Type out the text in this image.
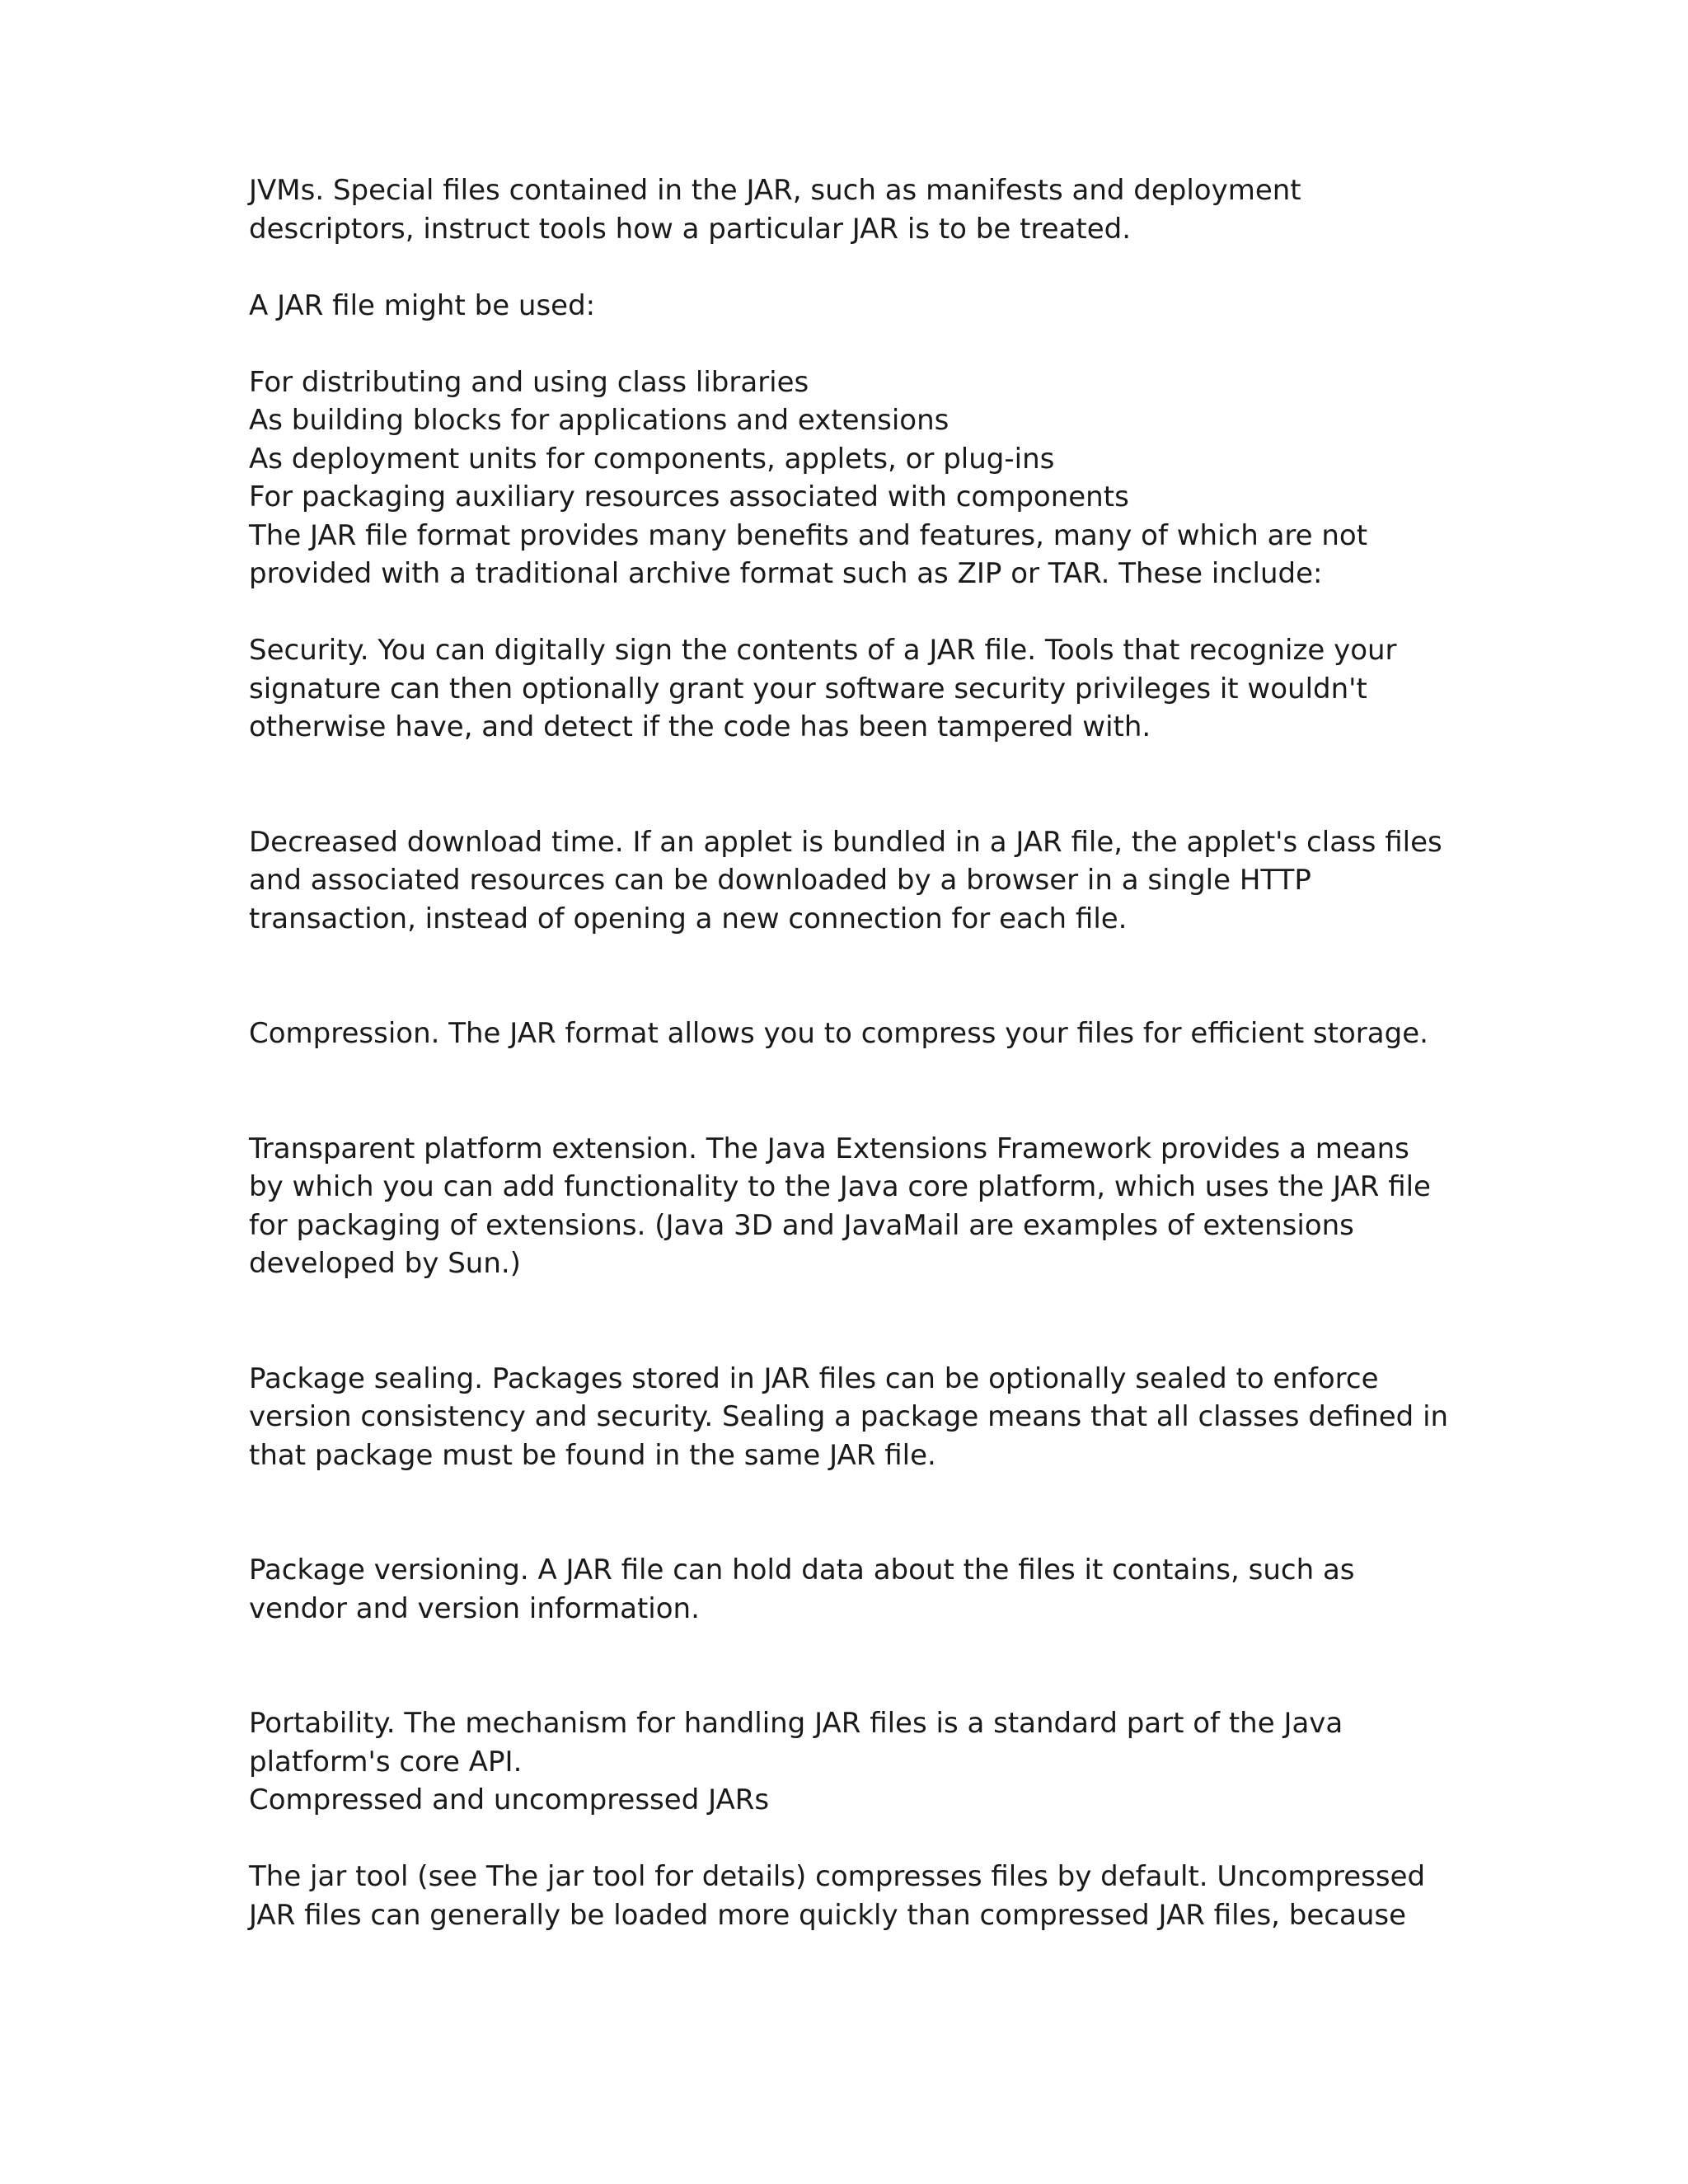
JVMs. Special files contained in the JAR, such as manifests and deployment
descriptors, instruct tools how a particular JAR is to be treated.
A JAR file might be used:
For distributing and using class libraries
As building blocks for applications and extensions
As deployment units for components, applets, or plug-ins
For packaging auxiliary resources associated with components
The JAR file format provides many benefits and features, many of which are not
provided with a traditional archive format such as ZIP or TAR. These include:
Security. You can digitally sign the contents of a JAR file. Tools that recognize your
signature can then optionally grant your software security privileges it wouldn't
otherwise have, and detect if the code has been tampered with.
Decreased download time. If an applet is bundled in a JAR file, the applet's class files
and associated resources can be downloaded by a browser in a single HTTP
transaction, instead of opening a new connection for each file.
Compression. The JAR format allows you to compress your files for efficient storage.
Transparent platform extension. The Java Extensions Framework provides a means
by which you can add functionality to the Java core platform, which uses the JAR file
for packaging of extensions. (Java 3D and JavaMail are examples of extensions
developed by Sun.)
Package sealing. Packages stored in JAR files can be optionally sealed to enforce
version consistency and security. Sealing a package means that all classes defined in
that package must be found in the same JAR file.
Package versioning. A JAR file can hold data about the files it contains, such as
vendor and version information.
Portability. The mechanism for handling JAR files is a standard part of the Java
platform's core API.
Compressed and uncompressed JARs
The jar tool (see The jar tool for details) compresses files by default. Uncompressed
JAR files can generally be loaded more quickly than compressed JAR files, because
